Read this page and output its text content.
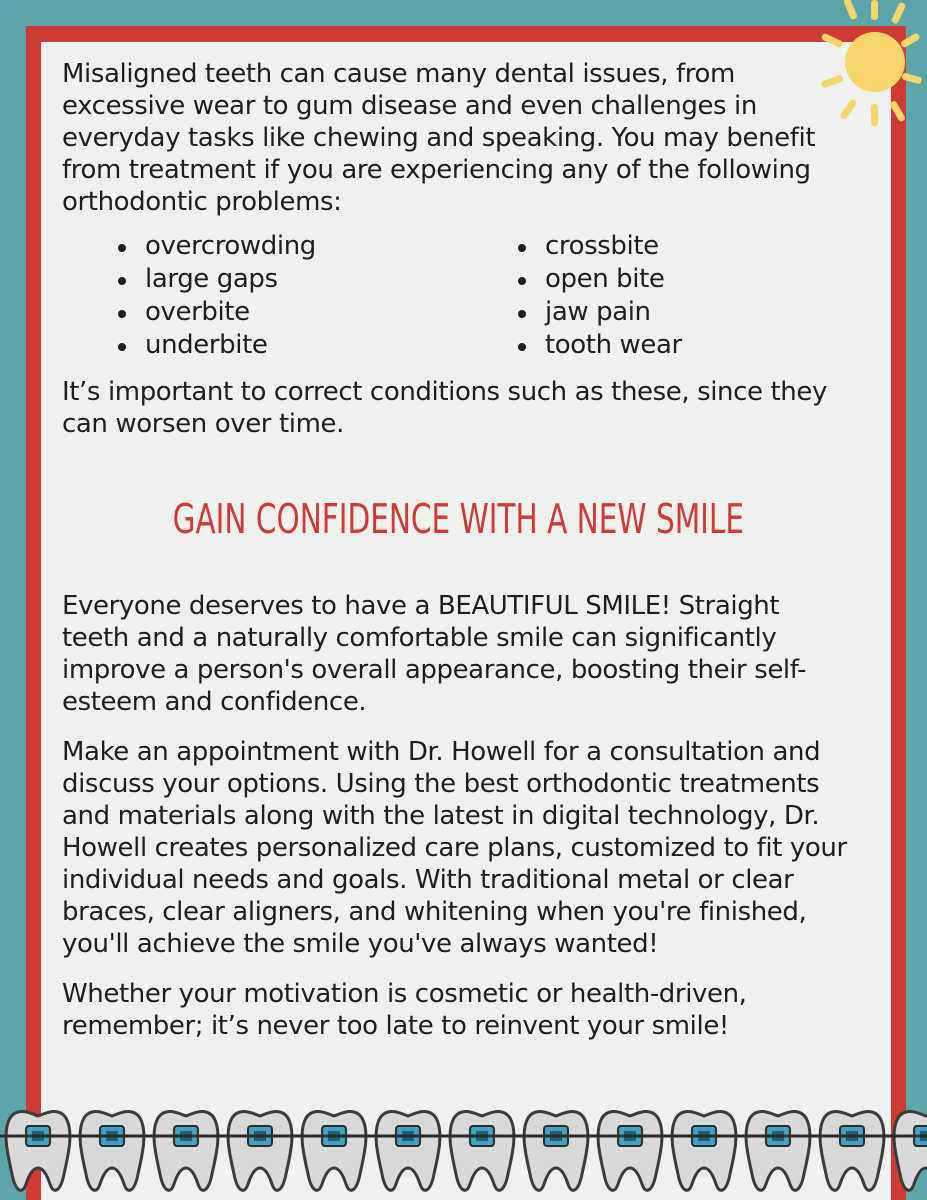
Misaligned teeth can cause many dental issues, from excessive wear to gum disease and even challenges in everyday tasks like chewing and speaking. You may benefit from treatment if you are experiencing any of the following orthodontic problems:

overcrowding
large gaps
overbite
underbite
crossbite
open bite
jaw pain
tooth wear

It’s important to correct conditions such as these, since they can worsen over time.

GAIN CONFIDENCE WITH A NEW SMILE

Everyone deserves to have a BEAUTIFUL SMILE! Straight teeth and a naturally comfortable smile can significantly improve a person's overall appearance, boosting their self-esteem and confidence.

Make an appointment with Dr. Howell for a consultation and discuss your options. Using the best orthodontic treatments and materials along with the latest in digital technology, Dr. Howell creates personalized care plans, customized to fit your individual needs and goals. With traditional metal or clear braces, clear aligners, and whitening when you're finished, you'll achieve the smile you've always wanted!

Whether your motivation is cosmetic or health-driven, remember; it’s never too late to reinvent your smile!
